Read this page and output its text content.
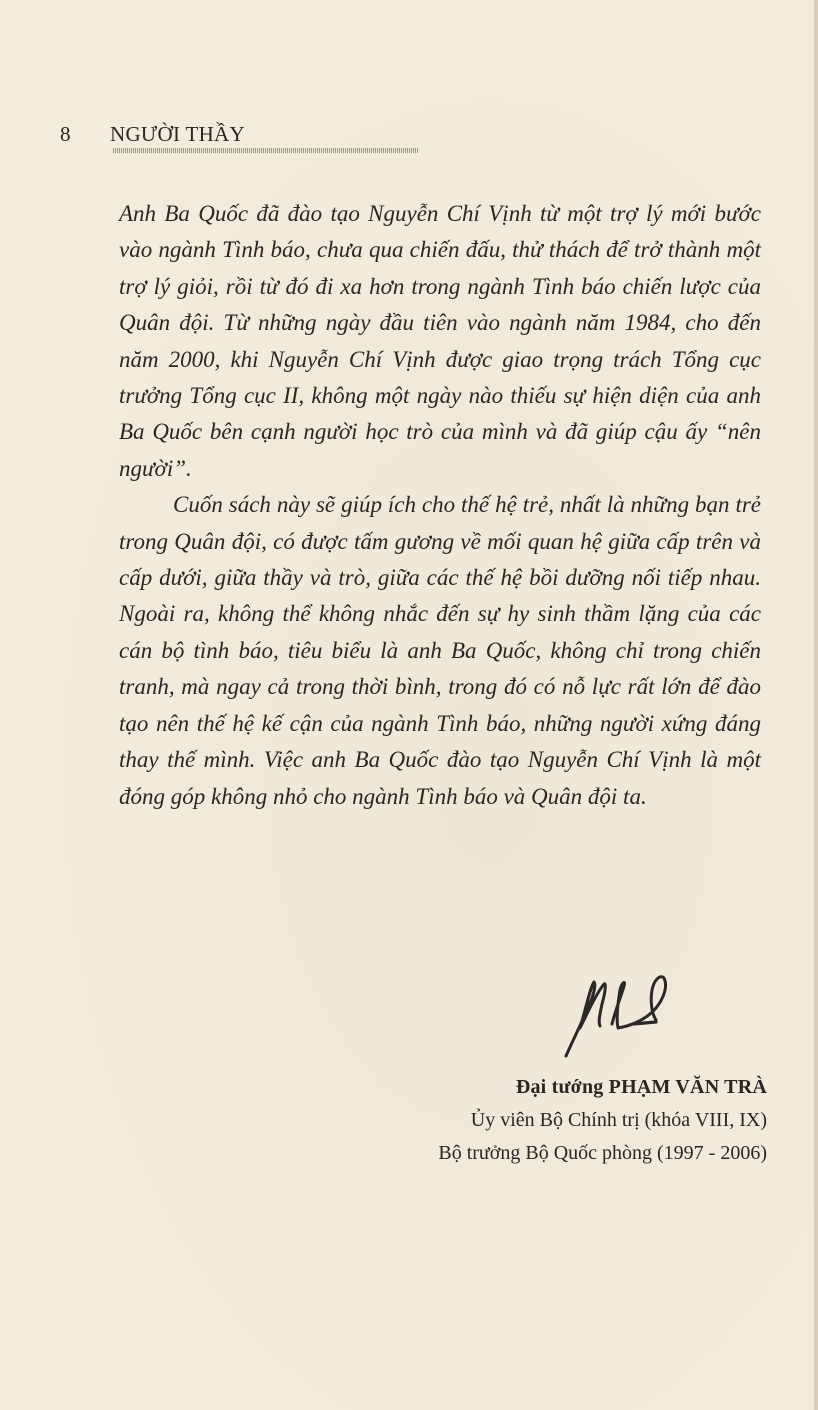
8	NGƯỜI THẦY

Anh Ba Quốc đã đào tạo Nguyễn Chí Vịnh từ một trợ lý mới bước vào ngành Tình báo, chưa qua chiến đấu, thử thách để trở thành một trợ lý giỏi, rồi từ đó đi xa hơn trong ngành Tình báo chiến lược của Quân đội. Từ những ngày đầu tiên vào ngành năm 1984, cho đến năm 2000, khi Nguyễn Chí Vịnh được giao trọng trách Tổng cục trưởng Tổng cục II, không một ngày nào thiếu sự hiện diện của anh Ba Quốc bên cạnh người học trò của mình và đã giúp cậu ấy “nên người”.

Cuốn sách này sẽ giúp ích cho thế hệ trẻ, nhất là những bạn trẻ trong Quân đội, có được tấm gương về mối quan hệ giữa cấp trên và cấp dưới, giữa thầy và trò, giữa các thế hệ bồi dưỡng nối tiếp nhau. Ngoài ra, không thể không nhắc đến sự hy sinh thầm lặng của các cán bộ tình báo, tiêu biểu là anh Ba Quốc, không chỉ trong chiến tranh, mà ngay cả trong thời bình, trong đó có nỗ lực rất lớn để đào tạo nên thế hệ kế cận của ngành Tình báo, những người xứng đáng thay thế mình. Việc anh Ba Quốc đào tạo Nguyễn Chí Vịnh là một đóng góp không nhỏ cho ngành Tình báo và Quân đội ta.

Đại tướng PHẠM VĂN TRÀ
Ủy viên Bộ Chính trị (khóa VIII, IX)
Bộ trưởng Bộ Quốc phòng (1997 - 2006)
